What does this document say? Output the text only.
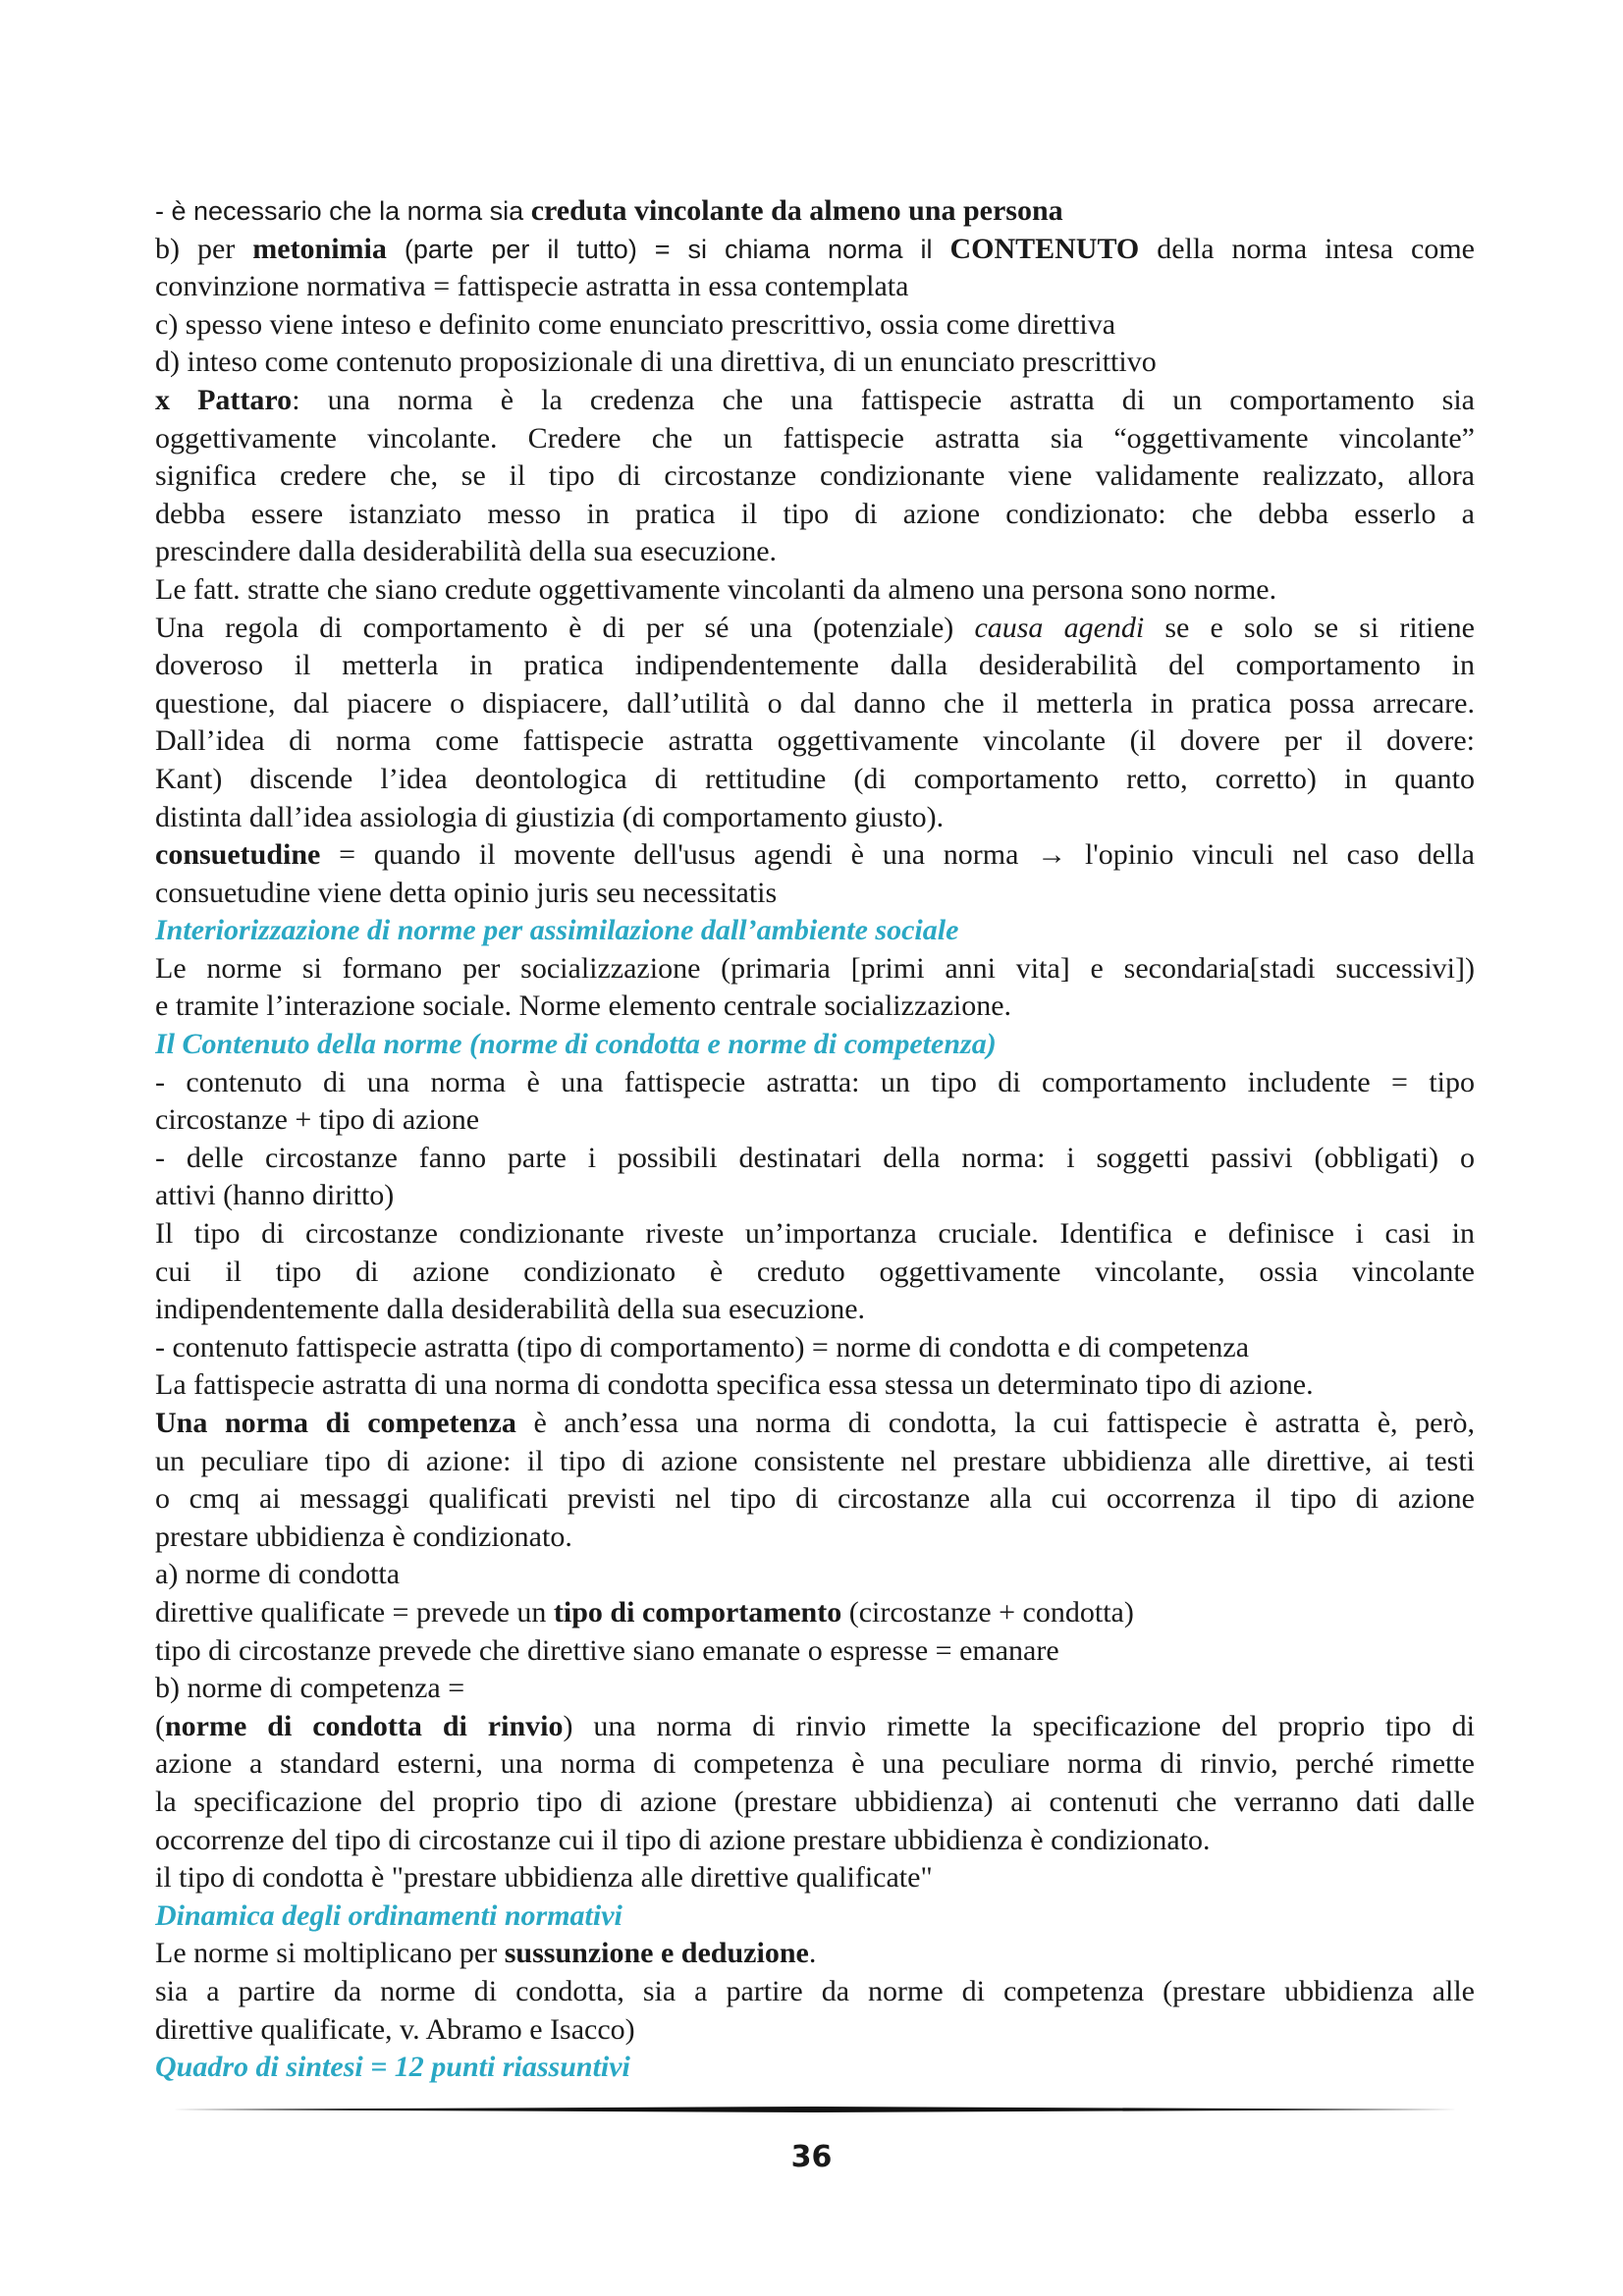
- è necessario che la norma sia creduta vincolante da almeno una persona
b) per metonimia (parte per il tutto) = si chiama norma il CONTENUTO della norma intesa come
convinzione normativa = fattispecie astratta in essa contemplata
c) spesso viene inteso e definito come enunciato prescrittivo, ossia come direttiva
d) inteso come contenuto proposizionale di una direttiva, di un enunciato prescrittivo
x Pattaro: una norma è la credenza che una fattispecie astratta di un comportamento sia
oggettivamente vincolante. Credere che un fattispecie astratta sia “oggettivamente vincolante”
significa credere che, se il tipo di circostanze condizionante viene validamente realizzato, allora
debba essere istanziato messo in pratica il tipo di azione condizionato: che debba esserlo a
prescindere dalla desiderabilità della sua esecuzione.
Le fatt. stratte che siano credute oggettivamente vincolanti da almeno una persona sono norme.
Una regola di comportamento è di per sé una (potenziale) causa agendi se e solo se si ritiene
doveroso il metterla in pratica indipendentemente dalla desiderabilità del comportamento in
questione, dal piacere o dispiacere, dall’utilità o dal danno che il metterla in pratica possa arrecare.
Dall’idea di norma come fattispecie astratta oggettivamente vincolante (il dovere per il dovere:
Kant) discende l’idea deontologica di rettitudine (di comportamento retto, corretto) in quanto
distinta dall’idea assiologia di giustizia (di comportamento giusto).
consuetudine = quando il movente dell'usus agendi è una norma → l'opinio vinculi nel caso della
consuetudine viene detta opinio juris seu necessitatis
Interiorizzazione di norme per assimilazione dall’ambiente sociale
Le norme si formano per socializzazione (primaria [primi anni vita] e secondaria[stadi successivi])
e tramite l’interazione sociale. Norme elemento centrale socializzazione.
Il Contenuto della norme (norme di condotta e norme di competenza)
- contenuto di una norma è una fattispecie astratta: un tipo di comportamento includente = tipo
circostanze + tipo di azione
- delle circostanze fanno parte i possibili destinatari della norma: i soggetti passivi (obbligati) o
attivi (hanno diritto)
Il tipo di circostanze condizionante riveste un’importanza cruciale. Identifica e definisce i casi in
cui il tipo di azione condizionato è creduto oggettivamente vincolante, ossia vincolante
indipendentemente dalla desiderabilità della sua esecuzione.
- contenuto fattispecie astratta (tipo di comportamento) = norme di condotta e di competenza
La fattispecie astratta di una norma di condotta specifica essa stessa un determinato tipo di azione.
Una norma di competenza è anch’essa una norma di condotta, la cui fattispecie è astratta è, però,
un peculiare tipo di azione: il tipo di azione consistente nel prestare ubbidienza alle direttive, ai testi
o cmq ai messaggi qualificati previsti nel tipo di circostanze alla cui occorrenza il tipo di azione
prestare ubbidienza è condizionato.
a) norme di condotta
direttive qualificate = prevede un tipo di comportamento (circostanze + condotta)
tipo di circostanze prevede che direttive siano emanate o espresse = emanare
b) norme di competenza =
(norme di condotta di rinvio) una norma di rinvio rimette la specificazione del proprio tipo di
azione a standard esterni, una norma di competenza è una peculiare norma di rinvio, perché rimette
la specificazione del proprio tipo di azione (prestare ubbidienza) ai contenuti che verranno dati dalle
occorrenze del tipo di circostanze cui il tipo di azione prestare ubbidienza è condizionato.
il tipo di condotta è "prestare ubbidienza alle direttive qualificate"
Dinamica degli ordinamenti normativi
Le norme si moltiplicano per sussunzione e deduzione.
sia a partire da norme di condotta, sia a partire da norme di competenza (prestare ubbidienza alle
direttive qualificate, v. Abramo e Isacco)
Quadro di sintesi = 12 punti riassuntivi
36
